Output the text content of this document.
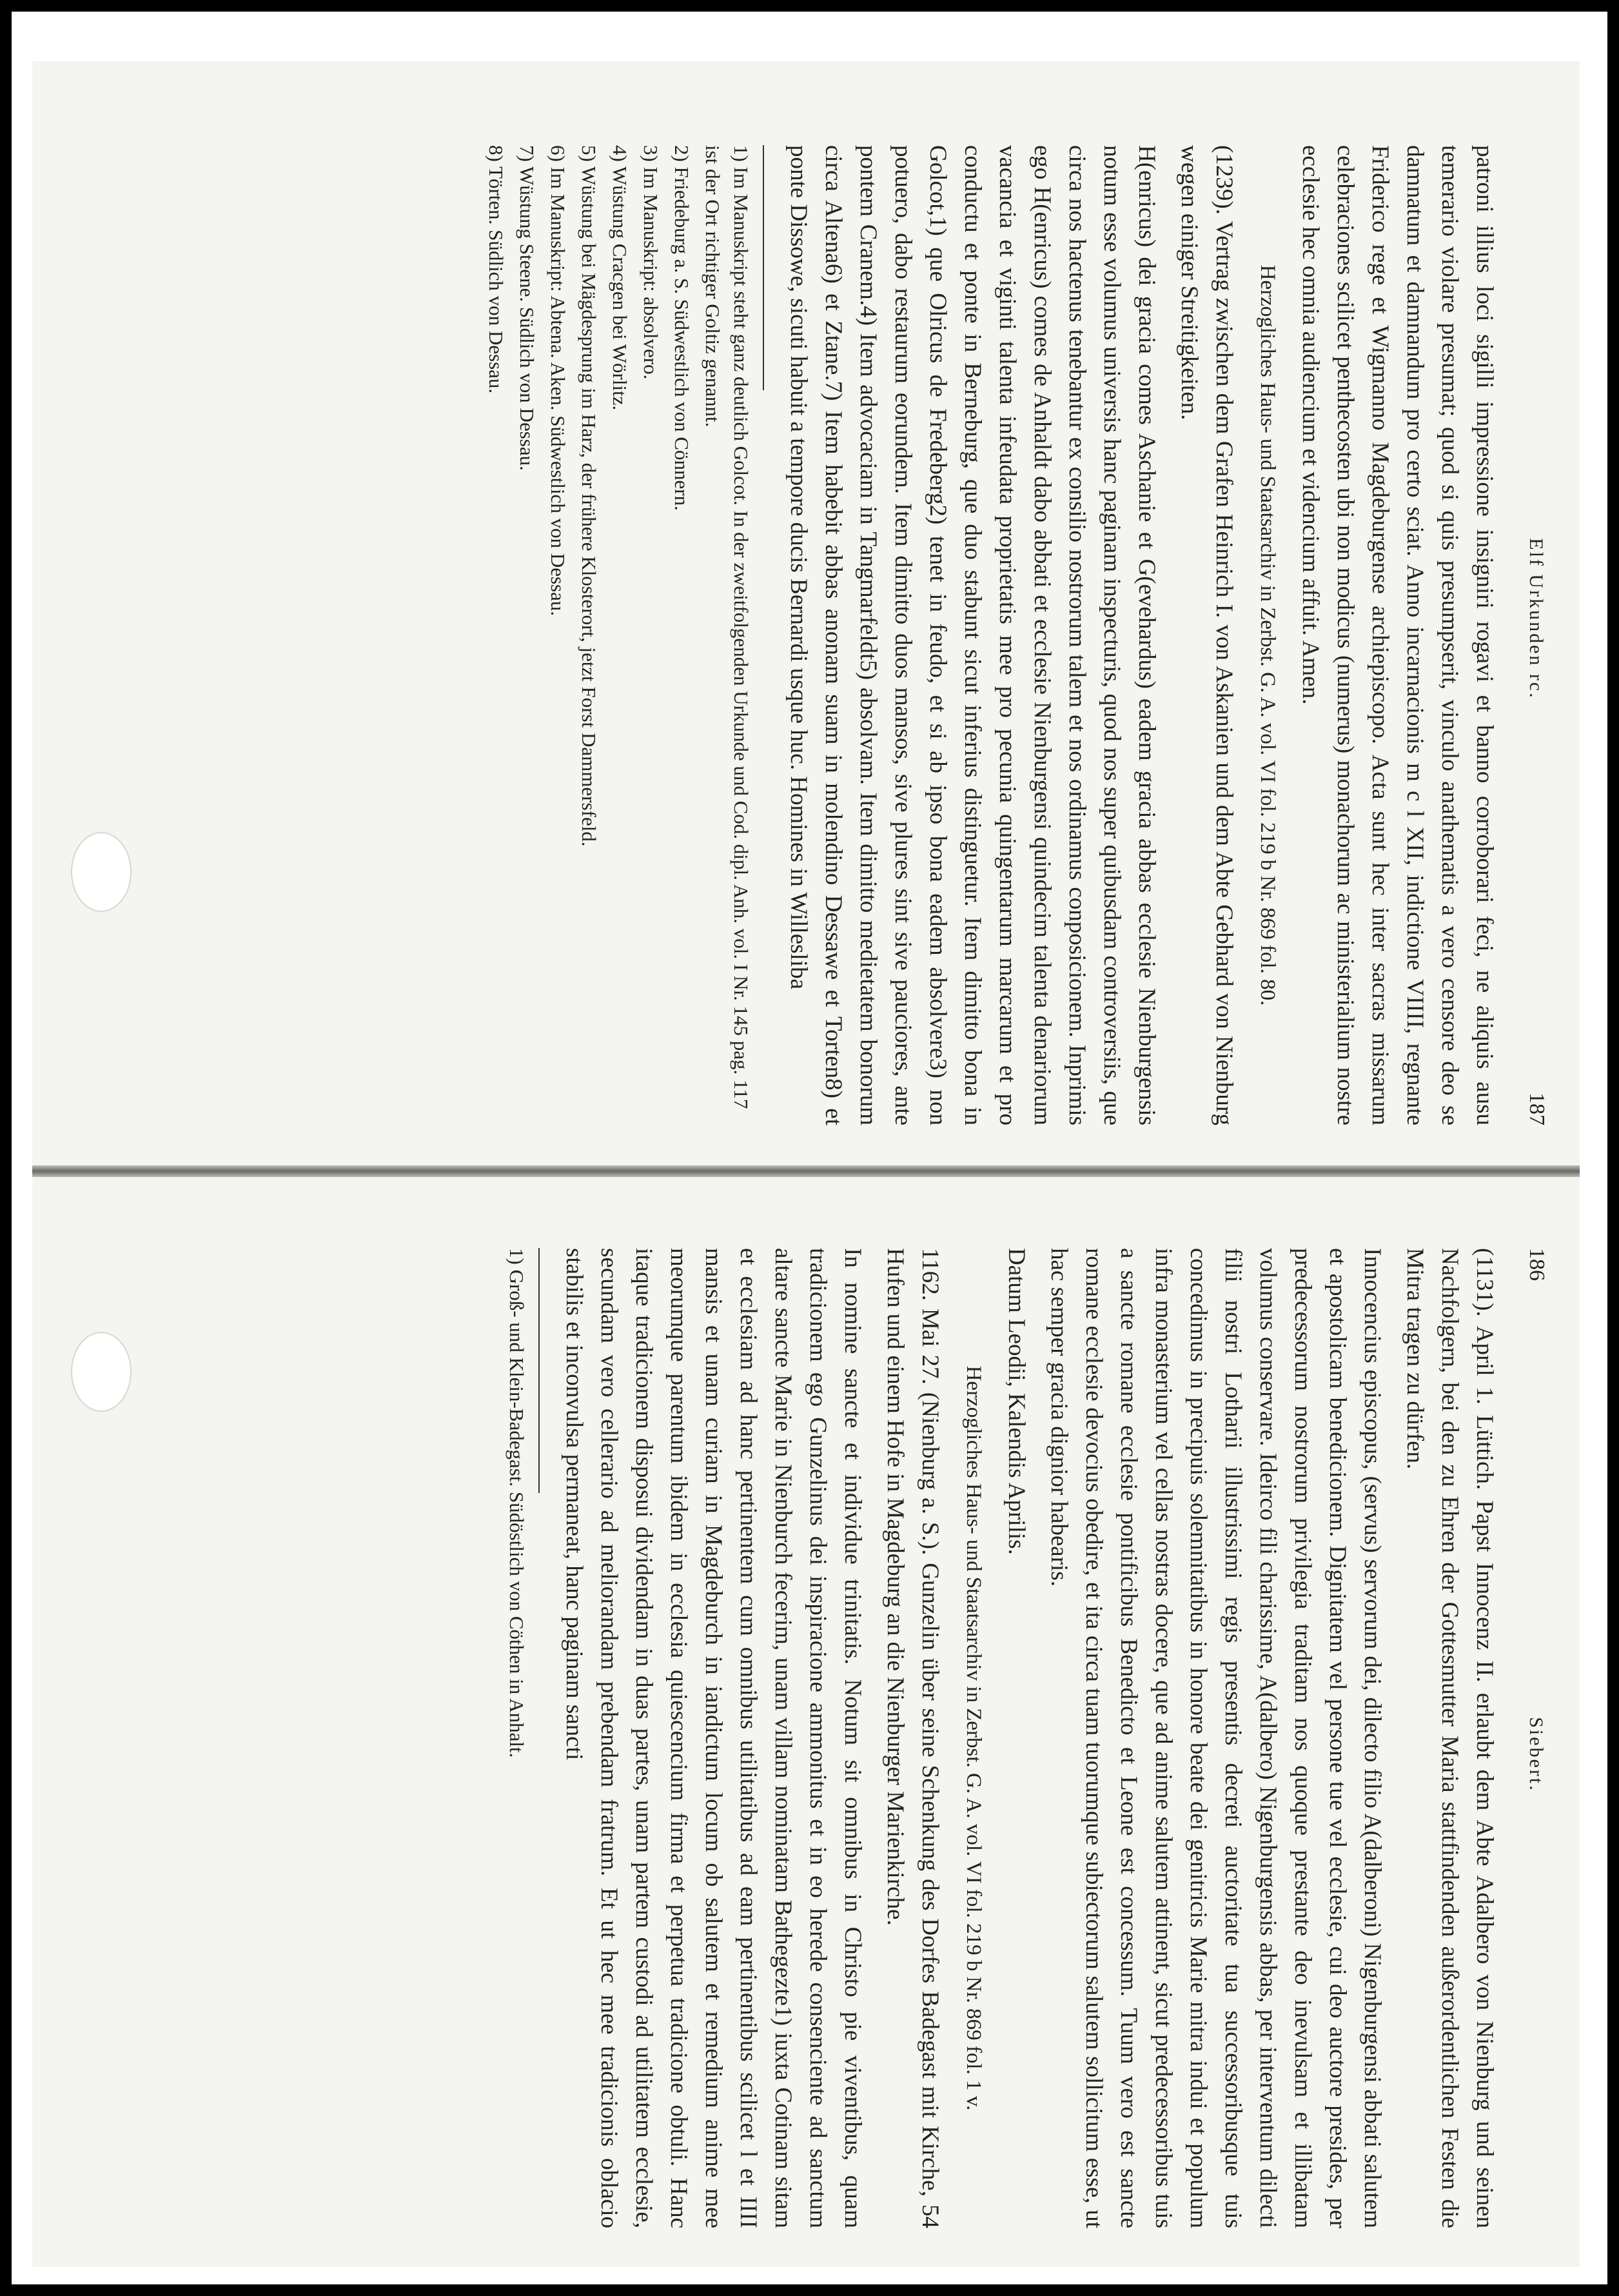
Elf Urkunden rc.
187

patroni illius loci sigilli impressione insigniri rogavi et banno corroborari feci, ne aliquis ausu temerario violare presumat; quod si quis presumpserit, vinculo anathematis a vero censore deo se damnatum et damnandum pro certo sciat. Anno incarnacionis m c l XII, indictione VIIII, regnante Friderico rege et Wigmanno Magdeburgense archiepiscopo. Acta sunt hec inter sacras missarum celebraciones scilicet penthecosten ubi non modicus (numerus) monachorum ac ministerialium nostre ecclesie hec omnia audiencium et videncium affuit. Amen.

Herzogliches Haus- und Staatsarchiv in Zerbst. G. A. vol. VI fol. 219 b Nr. 869 fol. 80.

(1239). Vertrag zwischen dem Grafen Heinrich I. von Askanien und dem Abte Gebhard von Nienburg wegen einiger Streitigkeiten.

H(enricus) dei gracia comes Aschanie et G(evehardus) eadem gracia abbas ecclesie Nienburgensis notum esse volumus universis hanc paginam inspecturis, quod nos super quibusdam controversiis, que circa nos hactenus tenebantur ex consilio nostrorum talem et nos ordinamus conposicionem. Inprimis ego H(enricus) comes de Anhaldt dabo abbati et ecclesie Nienburgensi quindecim talenta denariorum vacancia et viginti talenta infeudata proprietatis mee pro pecunia quingentarum marcarum et pro conductu et ponte in Berneburg, que duo stabunt sicut inferius distinguetur. Item dimitto bona in Golcot,1) que Olricus de Fredeberg2) tenet in feudo, et si ab ipso bona eadem absolvere3) non potuero, dabo restaurum eorundem. Item dimitto duos mansos, sive plures sint sive pauciores, ante pontem Cranem.4) Item advocaciam in Tangmarfeldt5) absolvam. Item dimitto medietatem bonorum circa Altena6) et Ztane.7) Item habebit abbas anonam suam in molendino Dessawe et Torten8) et ponte Dissowe, sicuti habuit a tempore ducis Bernardi usque huc. Homines in Willesliba

1) Im Manuskript steht ganz deutlich Golcot. In der zweitfolgenden Urkunde und Cod. dipl. Anh. vol. I Nr. 145 pag. 117 ist der Ort richtiger Goltiz genannt.

2) Friedeburg a. S. Südwestlich von Cönnern.

3) Im Manuskript: absolvero.

4) Wüstung Cracgen bei Wörlitz.

5) Wüstung bei Mägdesprung im Harz, der frühere Klosterort, jetzt Forst Dammersfeld.

6) Im Manuskript: Abtena. Aken. Südwestlich von Dessau.

7) Wüstung Steene. Südlich von Dessau.

8) Törten. Südlich von Dessau.

186
Siebert.

(1131). April 1. Lüttich. Papst Innocenz II. erlaubt dem Abte Adalbero von Nienburg und seinen Nachfolgern, bei den zu Ehren der Gottesmutter Maria stattfindenden außerordentlichen Festen die Mitra tragen zu dürfen.

Innocencius episcopus, (servus) servorum dei, dilecto filio A(dalberoni) Nigenburgensi abbati salutem et apostolicam benedicionem. Dignitatem vel persone tue vel ecclesie, cui deo auctore presides, per predecessorum nostrorum privilegia traditam nos quoque prestante deo inevulsam et illibatam volumus conservare. Ideirco fili charissime, A(dalbero) Nigenburgensis abbas, per interventum dilecti filii nostri Lotharii illustrissimi regis presentis decreti auctoritate tua successoribusque tuis concedimus in precipuis solemnitatibus in honore beate dei genitricis Marie mitra indui et populum infra monasterium vel cellas nostras docere, que ad anime salutem attinent, sicut predecessoribus tuis a sancte romane ecclesie pontificibus Benedicto et Leone est concessum. Tuum vero est sancte romane ecclesie devocius obedire, et ita circa tuam tuorumque subiectorum salutem sollicitum esse, ut hac semper gracia dignior habearis.

Datum Leodii, Kalendis Aprilis.

Herzogliches Haus- und Staatsarchiv in Zerbst. G. A. vol. VI fol. 219 b Nr. 869 fol. 1 v.

1162. Mai 27. (Nienburg a. S.). Gunzelin über seine Schenkung des Dorfes Badegast mit Kirche, 54 Hufen und einem Hofe in Magdeburg an die Nienburger Marienkirche.

In nomine sancte et individue trinitatis. Notum sit omnibus in Christo pie viventibus, quam tradicionem ego Gunzelinus dei inspiracione ammonitus et in eo herede consenciente ad sanctum altare sancte Marie in Nienburch fecerim, unam villam nominatam Bathegezte1) iuxta Cotinam sitam et ecclesiam ad hanc pertinentem cum omnibus utilitatibus ad eam pertinentibus scilicet l et IIII mansis et unam curiam in Magdeburch in iandictum locum ob salutem et remedium anime mee meorumque parentum ibidem in ecclesia quiescencium firma et perpetua tradicione obtuli. Hanc itaque tradicionem disposui dividendam in duas partes, unam partem custodi ad utilitatem ecclesie, secundam vero cellerario ad meliorandam prebendam fratrum. Et ut hec mee tradicionis oblacio stabilis et inconvulsa permaneat, hanc paginam sancti

1) Groß- und Klein-Badegast. Südöstlich von Cöthen in Anhalt.
